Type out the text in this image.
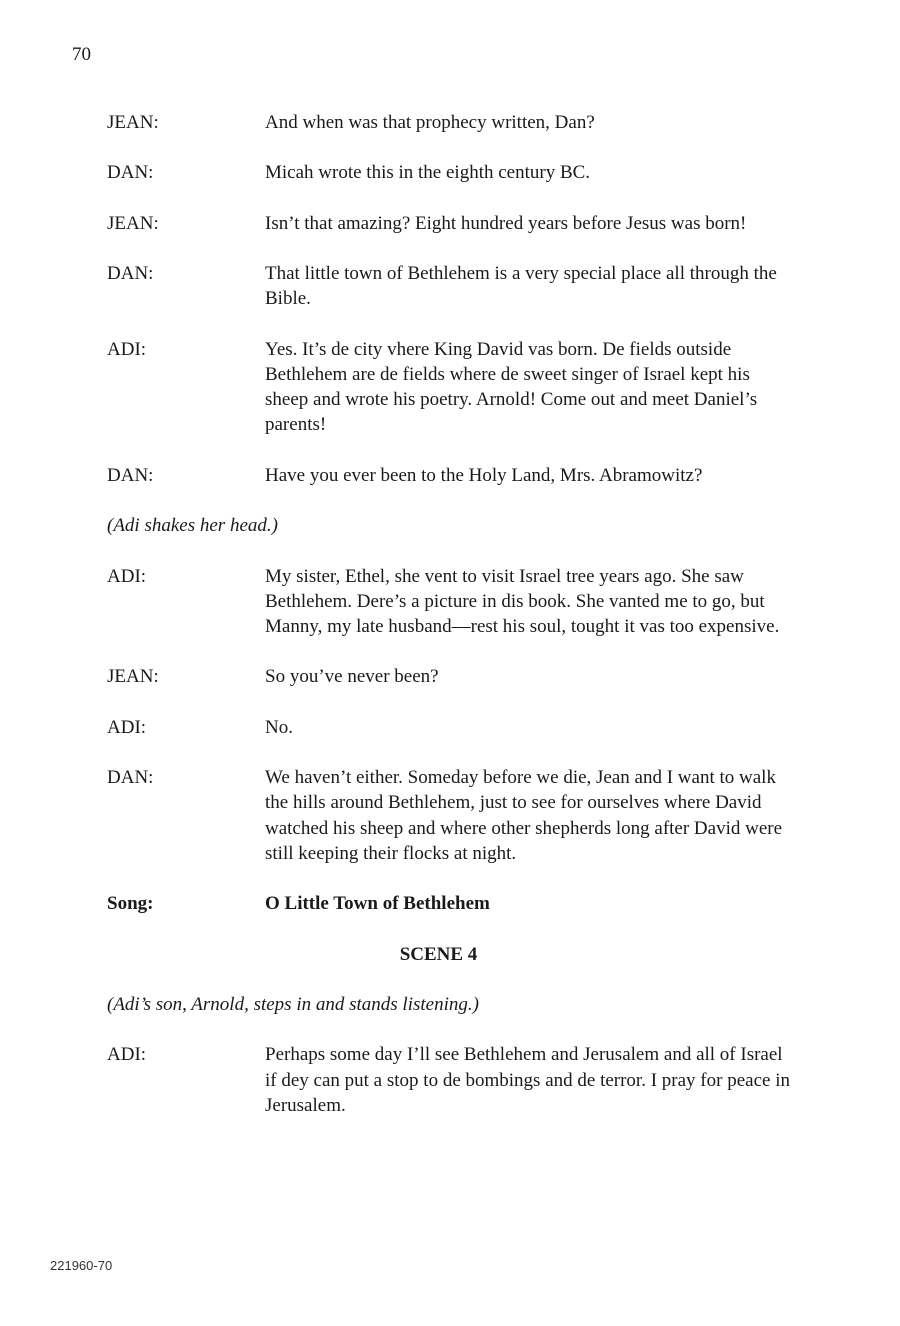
70
JEAN:	And when was that prophecy written, Dan?
DAN:	Micah wrote this in the eighth century BC.
JEAN:	Isn’t that amazing? Eight hundred years before Jesus was born!
DAN:	That little town of Bethlehem is a very special place all through the Bible.
ADI:	Yes. It’s de city vhere King David vas born. De fields outside Bethlehem are de fields where de sweet singer of Israel kept his sheep and wrote his poetry. Arnold! Come out and meet Daniel’s parents!
DAN:	Have you ever been to the Holy Land, Mrs. Abramowitz?
(Adi shakes her head.)
ADI:	My sister, Ethel, she vent to visit Israel tree years ago. She saw Bethlehem. Dere’s a picture in dis book. She vanted me to go, but Manny, my late husband—rest his soul, tought it vas too expensive.
JEAN:	So you’ve never been?
ADI:	No.
DAN:	We haven’t either. Someday before we die, Jean and I want to walk the hills around Bethlehem, just to see for ourselves where David watched his sheep and where other shepherds long after David were still keeping their flocks at night.
Song:	O Little Town of Bethlehem
SCENE 4
(Adi’s son, Arnold, steps in and stands listening.)
ADI:	Perhaps some day I’ll see Bethlehem and Jerusalem and all of Israel if dey can put a stop to de bombings and de terror. I pray for peace in Jerusalem.
221960-70
